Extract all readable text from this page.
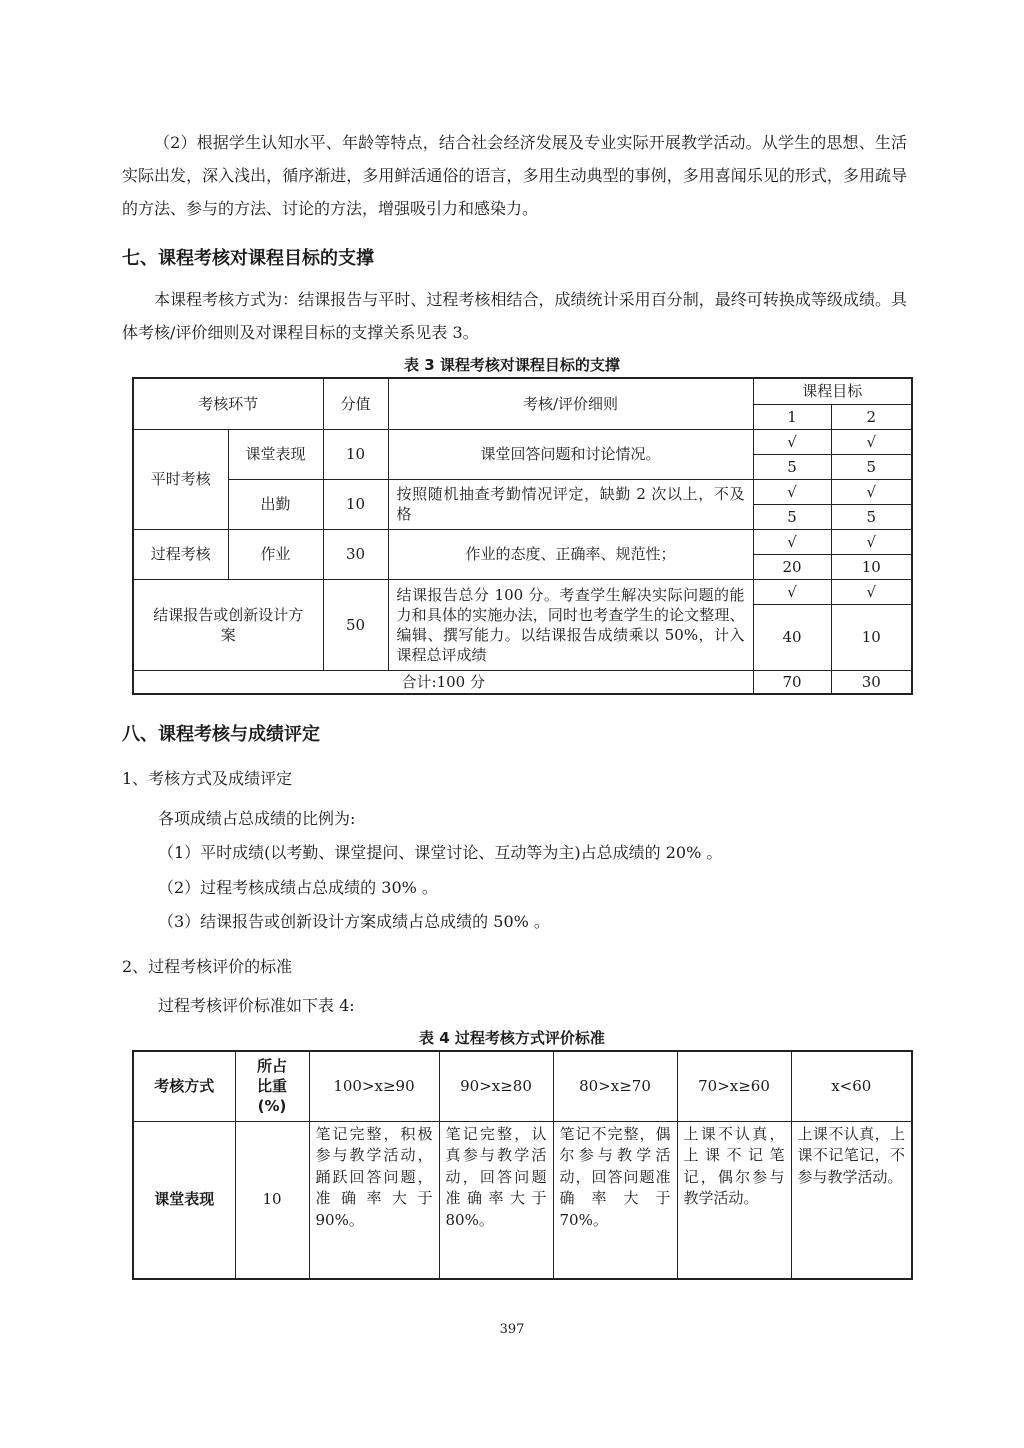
（2）根据学生认知水平、年龄等特点，结合社会经济发展及专业实际开展教学活动。从学生的思想、生活实际出发，深入浅出，循序渐进，多用鲜活通俗的语言，多用生动典型的事例，多用喜闻乐见的形式，多用疏导的方法、参与的方法、讨论的方法，增强吸引力和感染力。
七、课程考核对课程目标的支撑
本课程考核方式为：结课报告与平时、过程考核相结合，成绩统计采用百分制，最终可转换成等级成绩。具体考核/评价细则及对课程目标的支撑关系见表 3。
表 3 课程考核对课程目标的支撑
考核环节		分值	考核/评价细则	课程目标	
				1	2
平时考核	课堂表现	10	课堂回答问题和讨论情况。	√	√
				5	5
	出勤	10	按照随机抽查考勤情况评定，缺勤 2 次以上，不及格	√	√
				5	5
过程考核	作业	30	作业的态度、正确率、规范性；	√	√
				20	10
结课报告或创新设计方案		50	结课报告总分 100 分。考查学生解决实际问题的能力和具体的实施办法，同时也考查学生的论文整理、编辑、撰写能力。以结课报告成绩乘以 50%，计入课程总评成绩	√	√
				40	10
合计:100 分				70	30
八、课程考核与成绩评定
1、考核方式及成绩评定
各项成绩占总成绩的比例为:
（1）平时成绩(以考勤、课堂提问、课堂讨论、互动等为主)占总成绩的 20% 。
（2）过程考核成绩占总成绩的 30% 。
（3）结课报告或创新设计方案成绩占总成绩的 50% 。
2、过程考核评价的标准
过程考核评价标准如下表 4:
表 4 过程考核方式评价标准
考核方式	所占
比重
(%)	100>x≥90	90>x≥80	80>x≥70	70>x≥60	x<60
课堂表现	10	笔记完整，积极参与教学活动，踊跃回答问题，准确率大于 90%。	笔记完整，认真参与教学活动，回答问题准确率大于 80%。	笔记不完整，偶尔参与教学活动，回答问题准确率大于 70%。	上课不认真，上课不记笔记，偶尔参与教学活动。	上课不认真，上课不记笔记，不参与教学活动。
397
